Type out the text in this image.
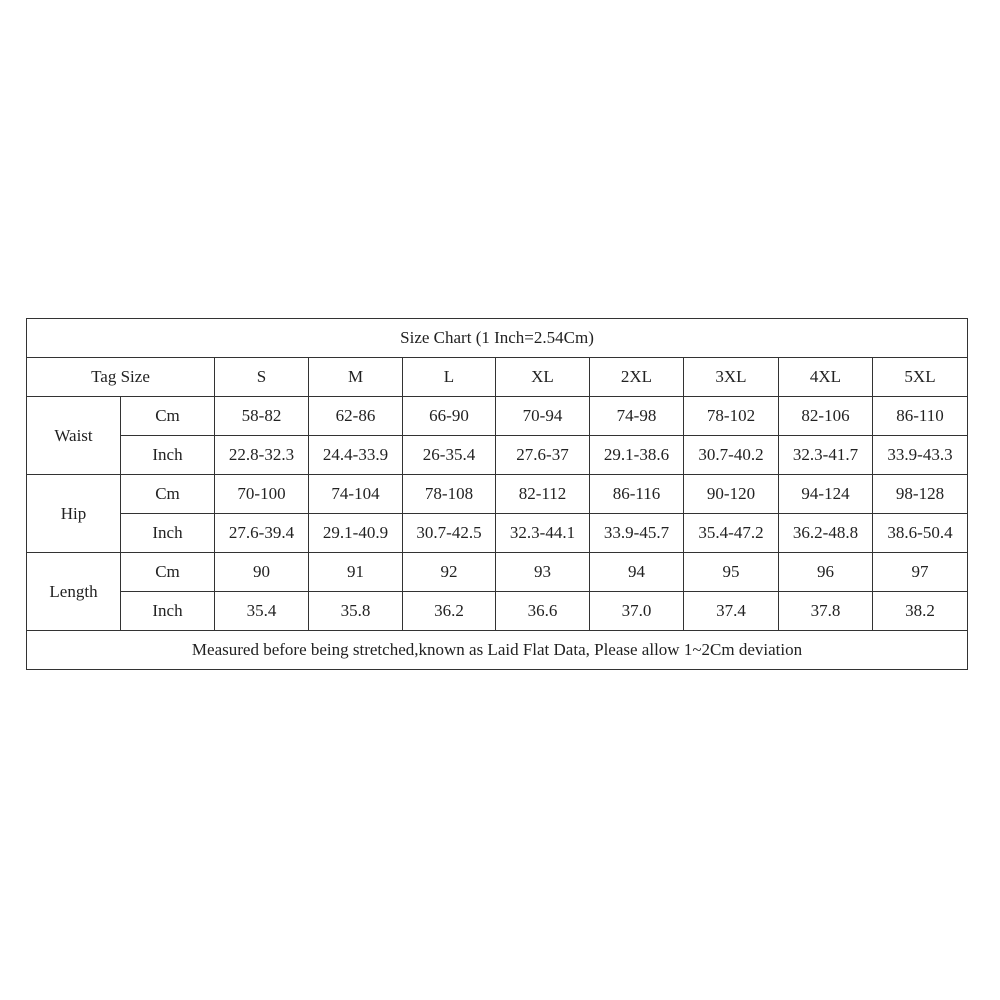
Size Chart (1 Inch=2.54Cm)									
Tag Size		S	M	L	XL	2XL	3XL	4XL	5XL
Waist	Cm	58-82	62-86	66-90	70-94	74-98	78-102	82-106	86-110
	Inch	22.8-32.3	24.4-33.9	26-35.4	27.6-37	29.1-38.6	30.7-40.2	32.3-41.7	33.9-43.3
Hip	Cm	70-100	74-104	78-108	82-112	86-116	90-120	94-124	98-128
	Inch	27.6-39.4	29.1-40.9	30.7-42.5	32.3-44.1	33.9-45.7	35.4-47.2	36.2-48.8	38.6-50.4
Length	Cm	90	91	92	93	94	95	96	97
	Inch	35.4	35.8	36.2	36.6	37.0	37.4	37.8	38.2
Measured before being stretched,known as Laid Flat Data, Please allow 1~2Cm deviation									
